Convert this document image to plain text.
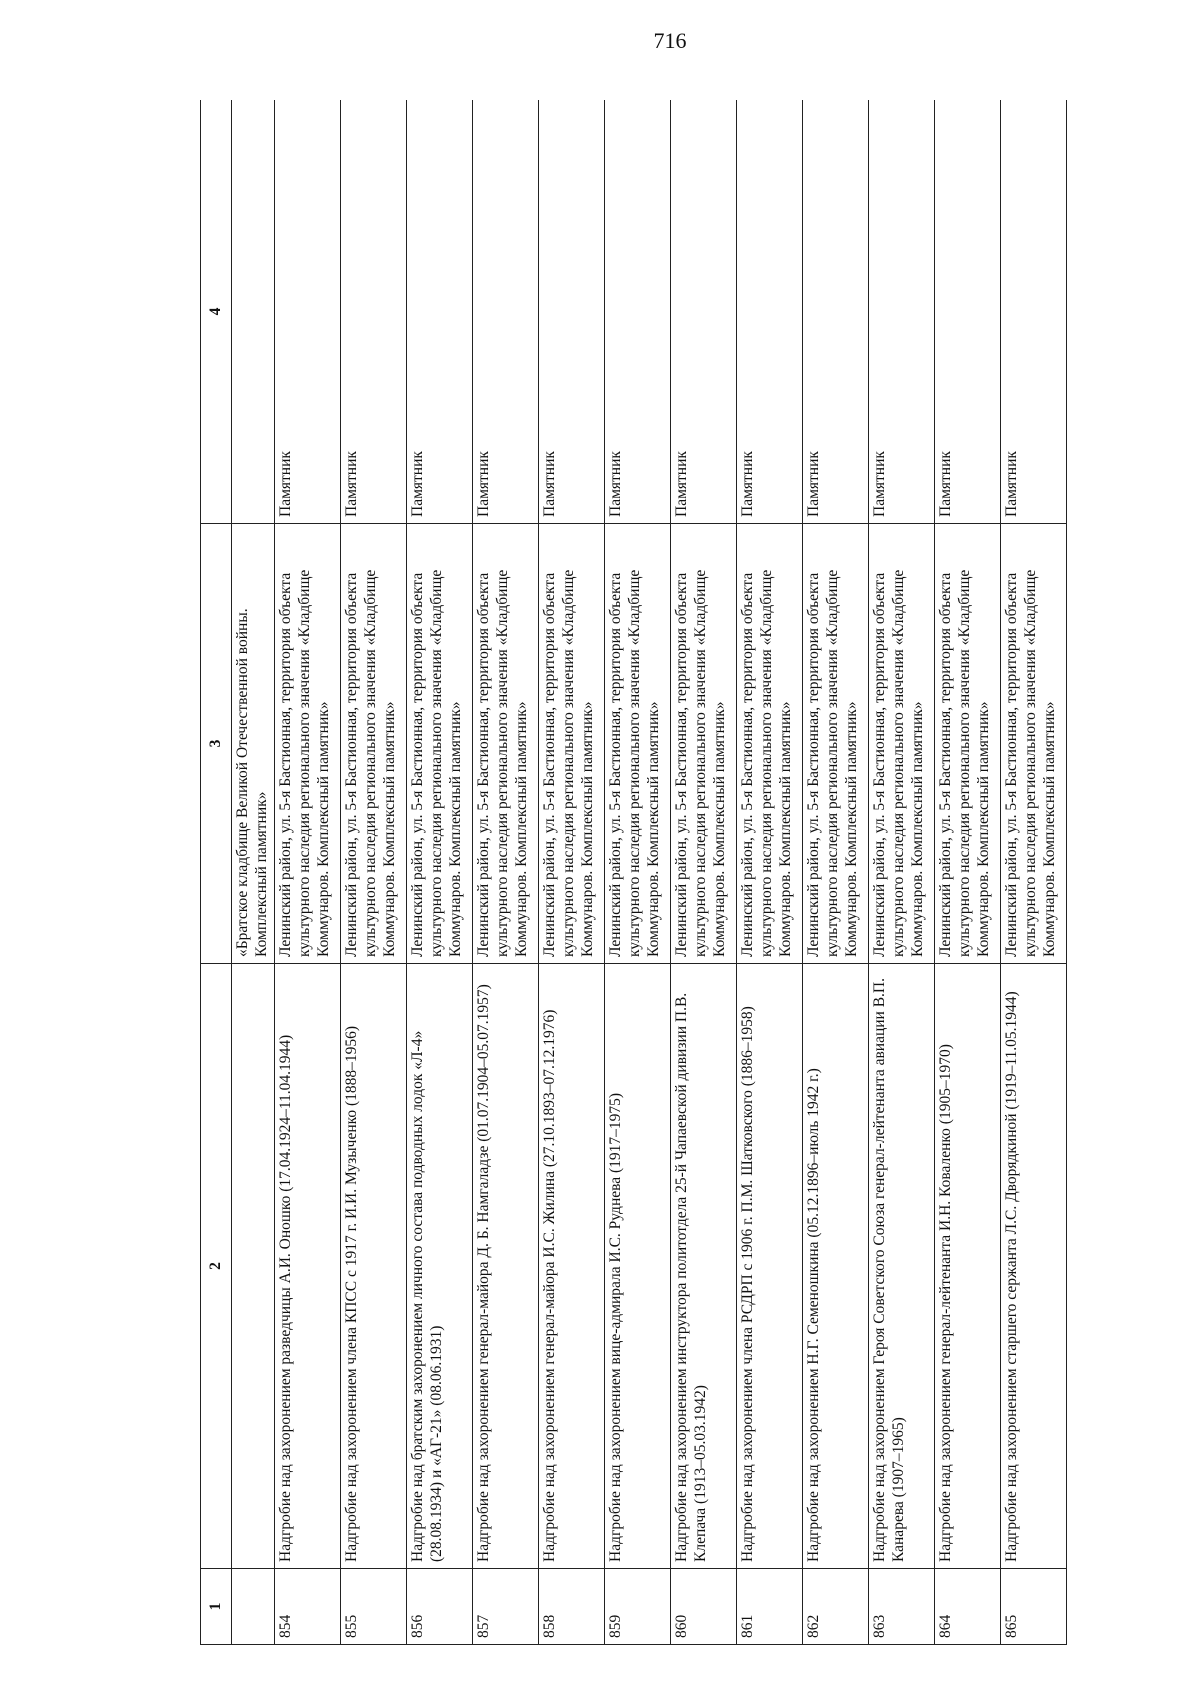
716
1	2	3	4
		«Братское кладбище Великой Отечественной войны. Комплексный памятник»	
854	Надгробие над захоронением разведчицы А.И. Оношко (17.04.1924–11.04.1944)	Ленинский район, ул. 5-я Бастионная, территория объекта культурного наследия регионального значения «Кладбище Коммунаров. Комплексный памятник»	Памятник
855	Надгробие над захоронением члена КПСС с 1917 г. И.И. Музыченко (1888–1956)	Ленинский район, ул. 5-я Бастионная, территория объекта культурного наследия регионального значения «Кладбище Коммунаров. Комплексный памятник»	Памятник
856	Надгробие над братским захоронением личного состава подводных лодок «Л-4» (28.08.1934) и «АГ-21» (08.06.1931)	Ленинский район, ул. 5-я Бастионная, территория объекта культурного наследия регионального значения «Кладбище Коммунаров. Комплексный памятник»	Памятник
857	Надгробие над захоронением генерал-майора Д. Б. Намгаладзе (01.07.1904–05.07.1957)	Ленинский район, ул. 5-я Бастионная, территория объекта культурного наследия регионального значения «Кладбище Коммунаров. Комплексный памятник»	Памятник
858	Надгробие над захоронением генерал-майора И.С. Жилина (27.10.1893–07.12.1976)	Ленинский район, ул. 5-я Бастионная, территория объекта культурного наследия регионального значения «Кладбище Коммунаров. Комплексный памятник»	Памятник
859	Надгробие над захоронением вице-адмирала И.С. Руднева (1917–1975)	Ленинский район, ул. 5-я Бастионная, территория объекта культурного наследия регионального значения «Кладбище Коммунаров. Комплексный памятник»	Памятник
860	Надгробие над захоронением инструктора политотдела 25-й Чапаевской дивизии П.В. Клепача (1913–05.03.1942)	Ленинский район, ул. 5-я Бастионная, территория объекта культурного наследия регионального значения «Кладбище Коммунаров. Комплексный памятник»	Памятник
861	Надгробие над захоронением члена РСДРП с 1906 г. П.М. Шатковского (1886–1958)	Ленинский район, ул. 5-я Бастионная, территория объекта культурного наследия регионального значения «Кладбище Коммунаров. Комплексный памятник»	Памятник
862	Надгробие над захоронением Н.Г. Семеношкина (05.12.1896–июль 1942 г.)	Ленинский район, ул. 5-я Бастионная, территория объекта культурного наследия регионального значения «Кладбище Коммунаров. Комплексный памятник»	Памятник
863	Надгробие над захоронением Героя Советского Союза генерал-лейтенанта авиации В.П. Канарева (1907–1965)	Ленинский район, ул. 5-я Бастионная, территория объекта культурного наследия регионального значения «Кладбище Коммунаров. Комплексный памятник»	Памятник
864	Надгробие над захоронением генерал-лейтенанта И.Н. Коваленко (1905–1970)	Ленинский район, ул. 5-я Бастионная, территория объекта культурного наследия регионального значения «Кладбище Коммунаров. Комплексный памятник»	Памятник
865	Надгробие над захоронением старшего сержанта Л.С. Дворядкиной (1919–11.05.1944)	Ленинский район, ул. 5-я Бастионная, территория объекта культурного наследия регионального значения «Кладбище Коммунаров. Комплексный памятник»	Памятник
